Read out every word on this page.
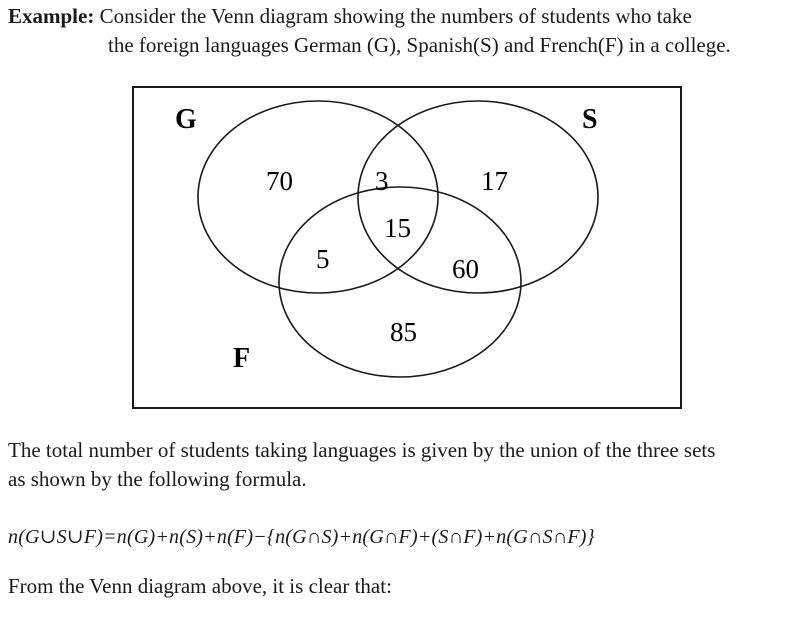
Example: Consider the Venn diagram showing the numbers of students who take
the foreign languages German (G), Spanish(S) and French(F) in a college.
G	S
F
70	3	17
15
5	60
85
The total number of students taking languages is given by the union of the three sets
as shown by the following formula.
n(G∪S∪F)=n(G)+n(S)+n(F)−{n(G∩S)+n(G∩F)+(S∩F)+n(G∩S∩F)}
From the Venn diagram above, it is clear that:
